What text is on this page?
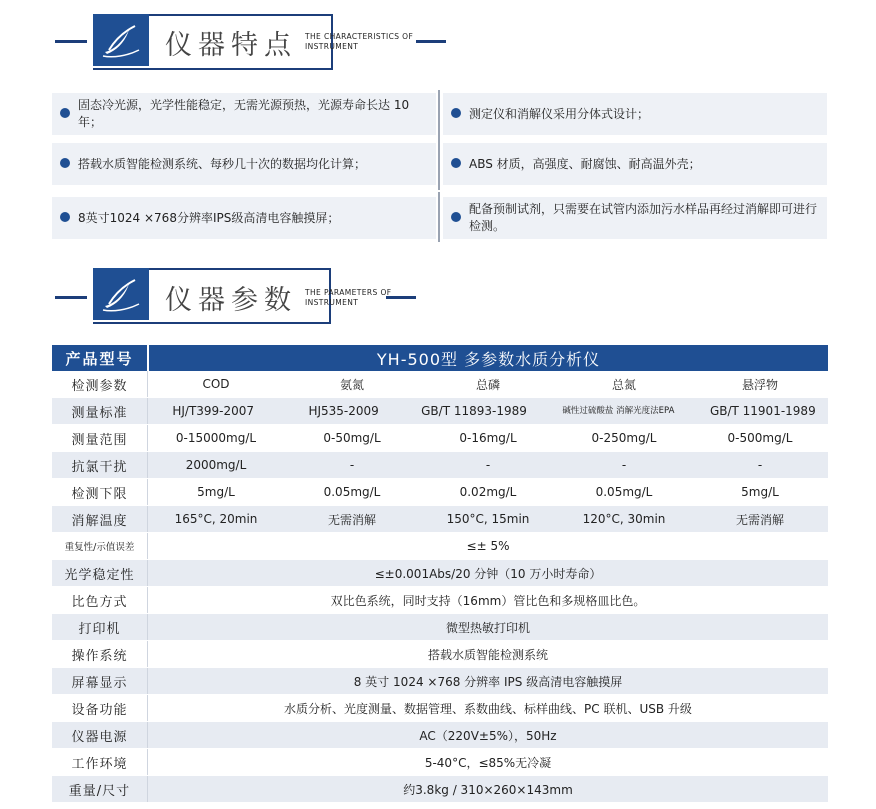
仪器特点 THE CHARACTERISTICS OF
INSTRUMENT
固态冷光源，光学性能稳定，无需光源预热，光源寿命长达 10 年；
测定仪和消解仪采用分体式设计；
搭载水质智能检测系统、每秒几十次的数据均化计算；	ABS 材质，高强度、耐腐蚀、耐高温外壳；
8英寸1024 ×768分辨率IPS级高清电容触摸屏；
配备预制试剂，只需要在试管内添加污水样品再经过消解即可进行检测。
仪器参数 THE PARAMETERS OF
INSTRUMENT
产品型号	YH-500型 多参数水质分析仪
检测参数	COD	氨氮	总磷	总氮	悬浮物
测量标准	HJ/T399-2007	HJ535-2009	GB/T 11893-1989	碱性过硫酸盐 消解光度法EPA	GB/T 11901-1989
测量范围	0-15000mg/L	0-50mg/L	0-16mg/L	0-250mg/L	0-500mg/L
抗氯干扰	2000mg/L	-	-	-	-
检测下限	5mg/L	0.05mg/L	0.02mg/L	0.05mg/L	5mg/L
消解温度	165°C, 20min	无需消解	150°C, 15min	120°C, 30min	无需消解
重复性/示值误差	≤± 5%
光学稳定性	≤±0.001Abs/20 分钟（10 万小时寿命）
比色方式	双比色系统，同时支持（16mm）管比色和多规格皿比色。
打印机	微型热敏打印机
操作系统	搭载水质智能检测系统
屏幕显示	8 英寸 1024 ×768 分辨率 IPS 级高清电容触摸屏
设备功能	水质分析、光度测量、数据管理、系数曲线、标样曲线、PC 联机、USB 升级
仪器电源	AC（220V±5%），50Hz
工作环境	5-40°C，≤85%无冷凝
重量/尺寸	约3.8kg / 310×260×143mm
